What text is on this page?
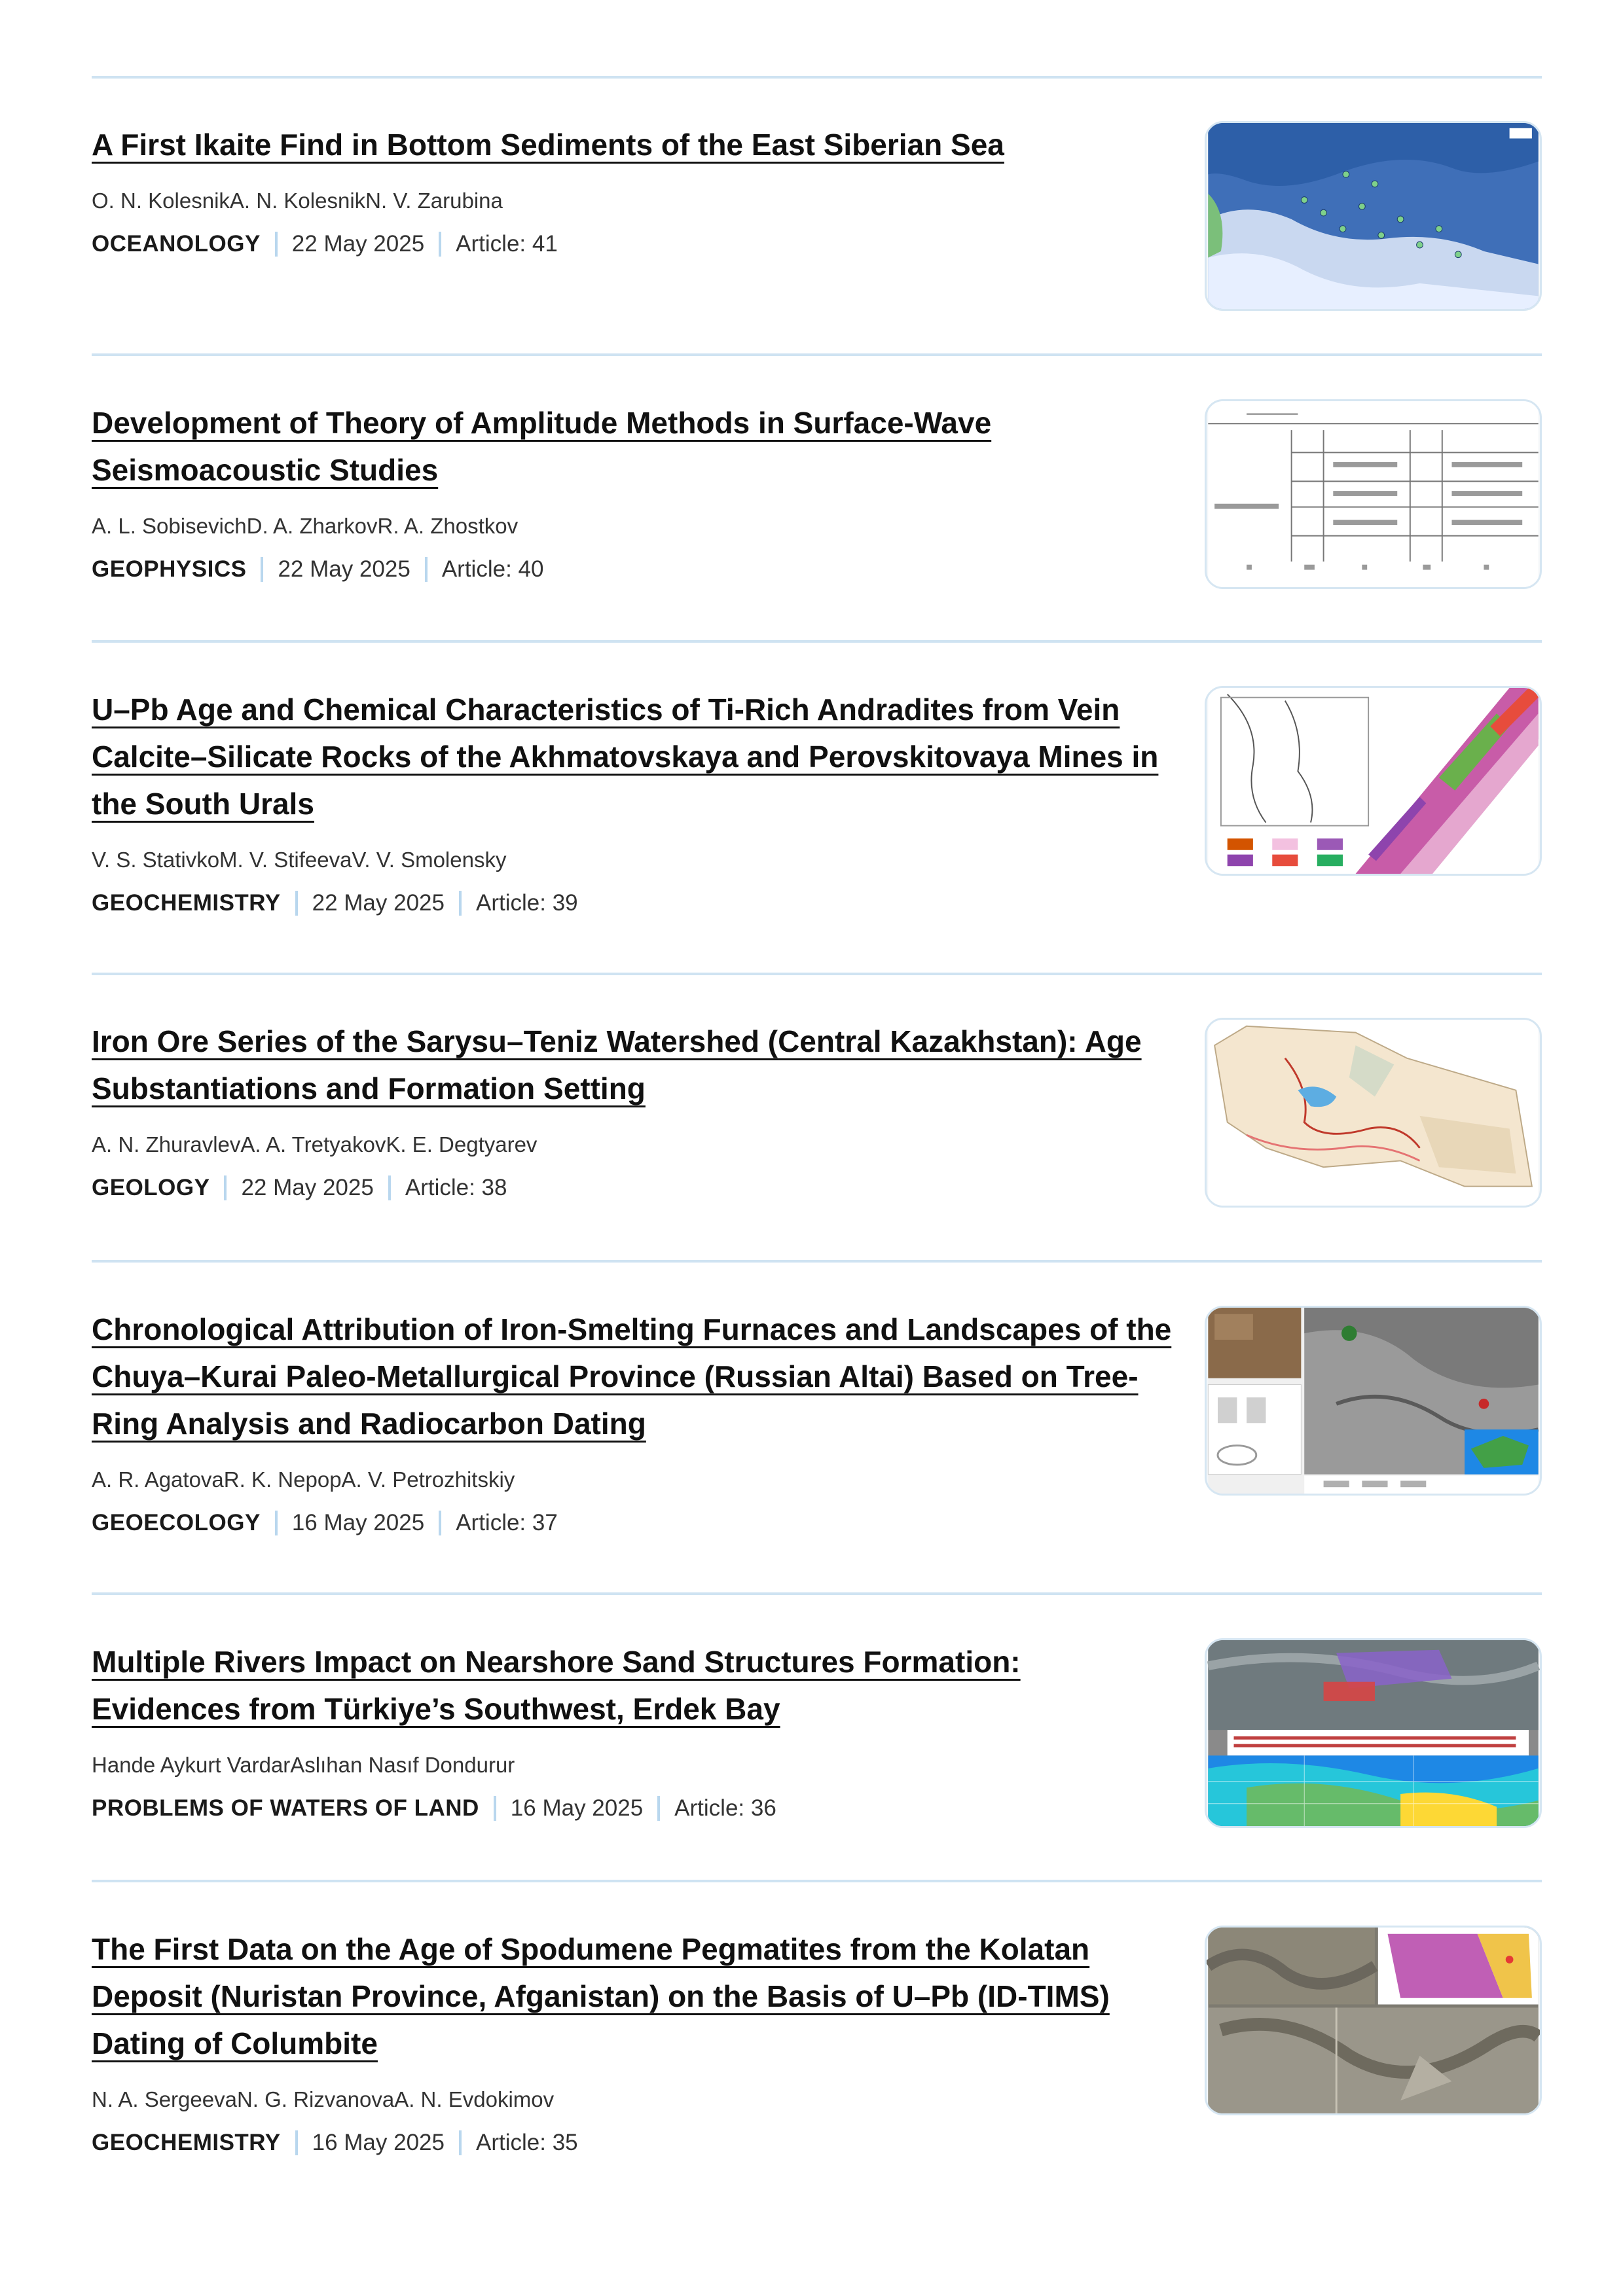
A First Ikaite Find in Bottom Sediments of the East Siberian Sea
O. N. KolesnikA. N. KolesnikN. V. Zarubina
OCEANOLOGY 22 May 2025 Article: 41
Development of Theory of Amplitude Methods in Surface-Wave Seismoacoustic Studies
A. L. SobisevichD. A. ZharkovR. A. Zhostkov
GEOPHYSICS 22 May 2025 Article: 40
U–Pb Age and Chemical Characteristics of Ti-Rich Andradites from Vein Calcite–Silicate Rocks of the Akhmatovskaya and Perovskitovaya Mines in the South Urals
V. S. StativkoM. V. StifeevaV. V. Smolensky
GEOCHEMISTRY 22 May 2025 Article: 39
Iron Ore Series of the Sarysu–Teniz Watershed (Central Kazakhstan): Age Substantiations and Formation Setting
A. N. ZhuravlevA. A. TretyakovK. E. Degtyarev
GEOLOGY 22 May 2025 Article: 38
Chronological Attribution of Iron-Smelting Furnaces and Landscapes of the Chuya–Kurai Paleo-Metallurgical Province (Russian Altai) Based on Tree-Ring Analysis and Radiocarbon Dating
A. R. AgatovaR. K. NepopA. V. Petrozhitskiy
GEOECOLOGY 16 May 2025 Article: 37
Multiple Rivers Impact on Nearshore Sand Structures Formation: Evidences from Türkiye’s Southwest, Erdek Bay
Hande Aykurt VardarAslıhan Nasıf Dondurur
PROBLEMS OF WATERS OF LAND 16 May 2025 Article: 36
The First Data on the Age of Spodumene Pegmatites from the Kolatan Deposit (Nuristan Province, Afganistan) on the Basis of U–Pb (ID-TIMS) Dating of Columbite
N. A. SergeevaN. G. RizvanovaA. N. Evdokimov
GEOCHEMISTRY 16 May 2025 Article: 35
